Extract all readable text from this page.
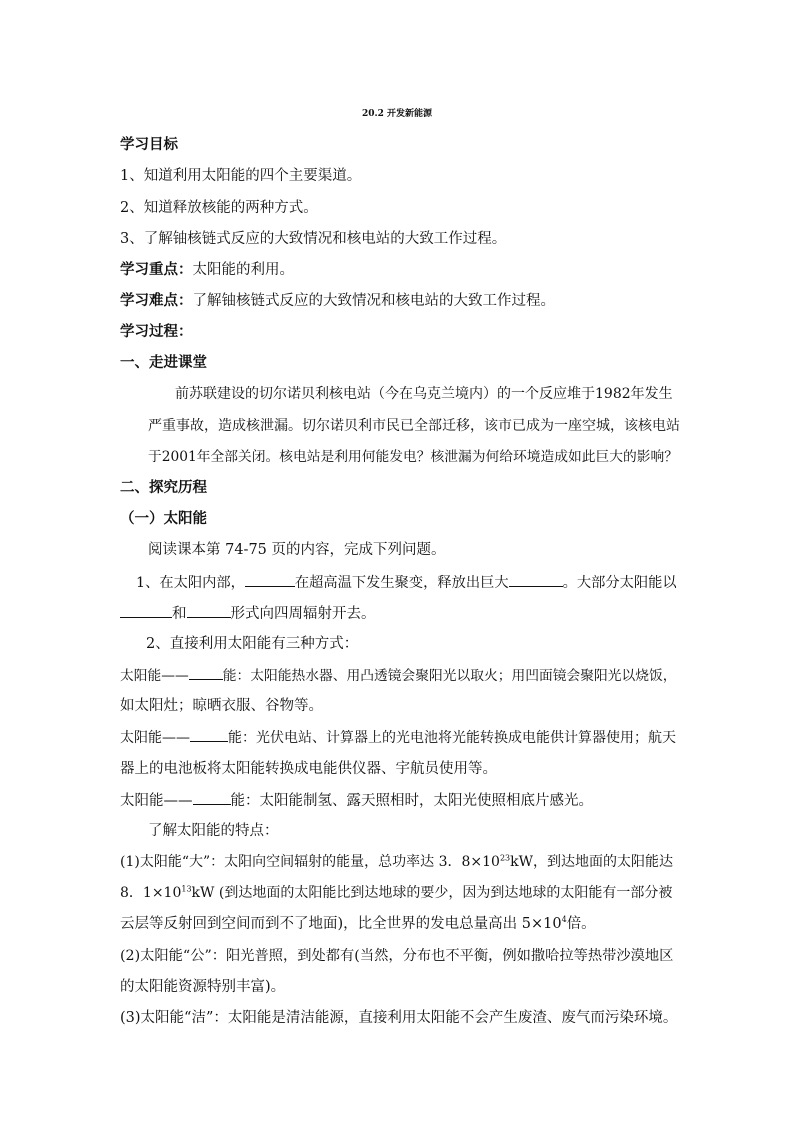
20.2 开发新能源
学习目标
1、知道利用太阳能的四个主要渠道。
2、知道释放核能的两种方式。
3、了解铀核链式反应的大致情况和核电站的大致工作过程。
学习重点：太阳能的利用。
学习难点：了解铀核链式反应的大致情况和核电站的大致工作过程。
学习过程：
一、走进课堂
前苏联建设的切尔诺贝利核电站（今在乌克兰境内）的一个反应堆于1982年发生
严重事故，造成核泄漏。切尔诺贝利市民已全部迁移，该市已成为一座空城，该核电站
于2001年全部关闭。核电站是利用何能发电？核泄漏为何给环境造成如此巨大的影响？
二、探究历程
（一）太阳能
阅读课本第 74-75 页的内容，完成下列问题。
1、在太阳内部，	在超高温下发生聚变，释放出巨大	。大部分太阳能以
和	形式向四周辐射开去。
2、直接利用太阳能有三种方式：
太阳能—— 能：太阳能热水器、用凸透镜会聚阳光以取火；用凹面镜会聚阳光以烧饭，
如太阳灶；晾晒衣服、谷物等。
太阳能——	能：光伏电站、计算器上的光电池将光能转换成电能供计算器使用；航天
器上的电池板将太阳能转换成电能供仪器、宇航员使用等。
太阳能——	能：太阳能制氢、露天照相时，太阳光使照相底片感光。
了解太阳能的特点：
(1)太阳能“大”：太阳向空间辐射的能量，总功率达 3．$8\times 10^{23}kW$，到达地面的太阳能达
8．$1\times 10^{13}kW$ (到达地面的太阳能比到达地球的要少，因为到达地球的太阳能有一部分被
云层等反射回到空间而到不了地面)，比全世界的发电总量高出 $5\times 10^4$倍。
(2)太阳能“公”：阳光普照，到处都有(当然，分布也不平衡，例如撒哈拉等热带沙漠地区
的太阳能资源特别丰富)。
(3)太阳能“洁”：太阳能是清洁能源，直接利用太阳能不会产生废渣、废气而污染环境。
